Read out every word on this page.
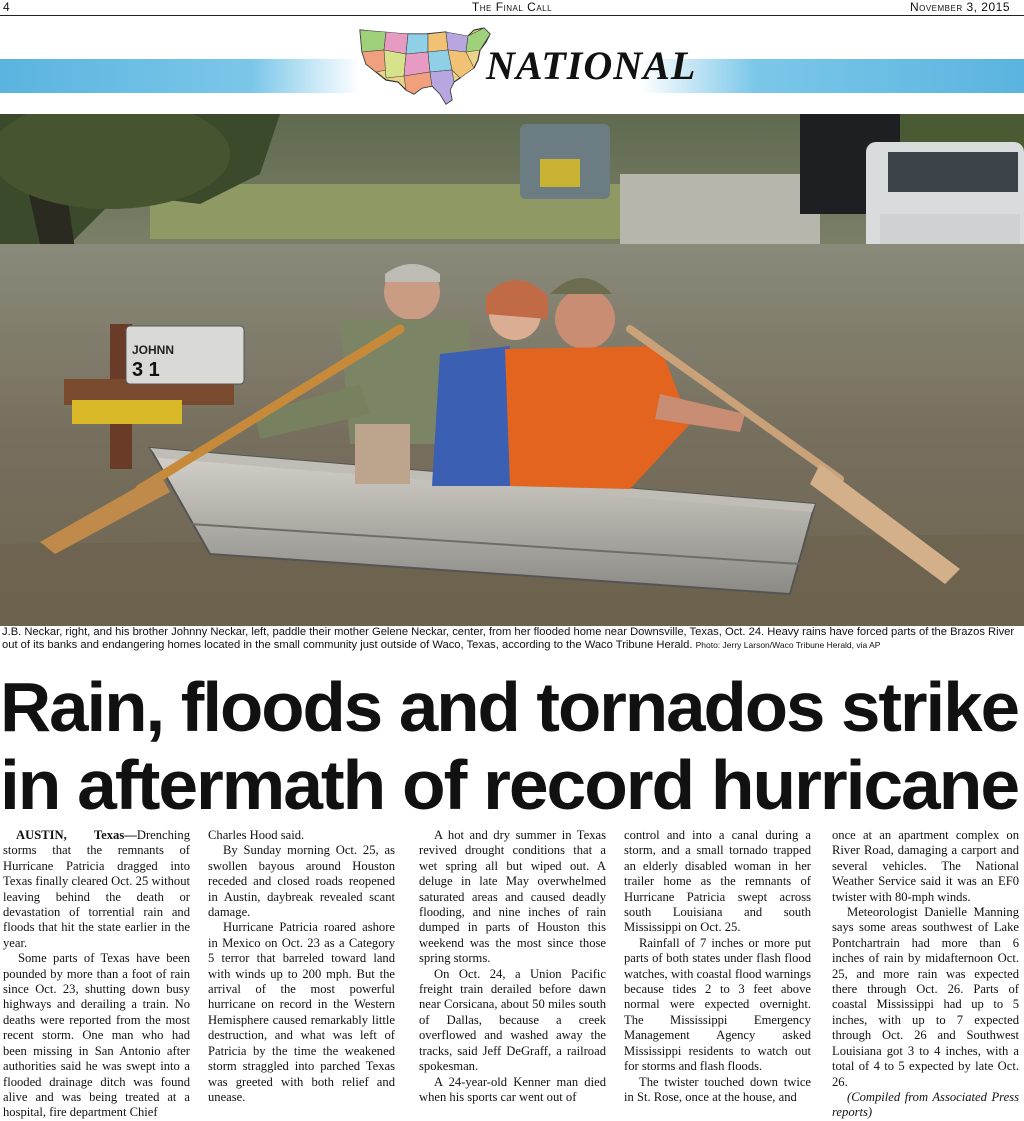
4	The Final Call	November 3, 2015
NATIONAL
JOHNN
3 1
J.B. Neckar, right, and his brother Johnny Neckar, left, paddle their mother Gelene Neckar, center, from her flooded home near Downsville, Texas, Oct. 24. Heavy rains have forced parts of the Brazos River out of its banks and endangering homes located in the small community just outside of Waco, Texas, according to the Waco Tribune Herald. Photo: Jerry Larson/Waco Tribune Herald, via AP
Rain, floods and tornados strike
in aftermath of record hurricane

AUSTIN, Texas—Drenching storms that the remnants of Hurricane Patricia dragged into Texas finally cleared Oct. 25 without leaving behind the death or devastation of torrential rain and floods that hit the state earlier in the year.

Some parts of Texas have been pounded by more than a foot of rain since Oct. 23, shutting down busy highways and derailing a train. No deaths were reported from the most recent storm. One man who had been missing in San Antonio after authorities said he was swept into a flooded drainage ditch was found alive and was being treated at a hospital, fire department Chief

Charles Hood said.

By Sunday morning Oct. 25, as swollen bayous around Houston receded and closed roads reopened in Austin, daybreak revealed scant damage.

Hurricane Patricia roared ashore in Mexico on Oct. 23 as a Category 5 terror that barreled toward land with winds up to 200 mph. But the arrival of the most powerful hurricane on record in the Western Hemisphere caused remarkably little destruction, and what was left of Patricia by the time the weakened storm straggled into parched Texas was greeted with both relief and unease.

A hot and dry summer in Texas revived drought conditions that a wet spring all but wiped out. A deluge in late May overwhelmed saturated areas and caused deadly flooding, and nine inches of rain dumped in parts of Houston this weekend was the most since those spring storms.

On Oct. 24, a Union Pacific freight train derailed before dawn near Corsicana, about 50 miles south of Dallas, because a creek overflowed and washed away the tracks, said Jeff DeGraff, a railroad spokesman.

A 24-year-old Kenner man died when his sports car went out of

control and into a canal during a storm, and a small tornado trapped an elderly disabled woman in her trailer home as the remnants of Hurricane Patricia swept across south Louisiana and south Mississippi on Oct. 25.

Rainfall of 7 inches or more put parts of both states under flash flood watches, with coastal flood warnings because tides 2 to 3 feet above normal were expected overnight. The Mississippi Emergency Management Agency asked Mississippi residents to watch out for storms and flash floods.

The twister touched down twice in St. Rose, once at the house, and

once at an apartment complex on River Road, damaging a carport and several vehicles. The National Weather Service said it was an EF0 twister with 80-mph winds.

Meteorologist Danielle Manning says some areas southwest of Lake Pontchartrain had more than 6 inches of rain by midafternoon Oct. 25, and more rain was expected there through Oct. 26. Parts of coastal Mississippi had up to 5 inches, with up to 7 expected through Oct. 26 and Southwest Louisiana got 3 to 4 inches, with a total of 4 to 5 expected by late Oct. 26.

(Compiled from Associated Press reports)
